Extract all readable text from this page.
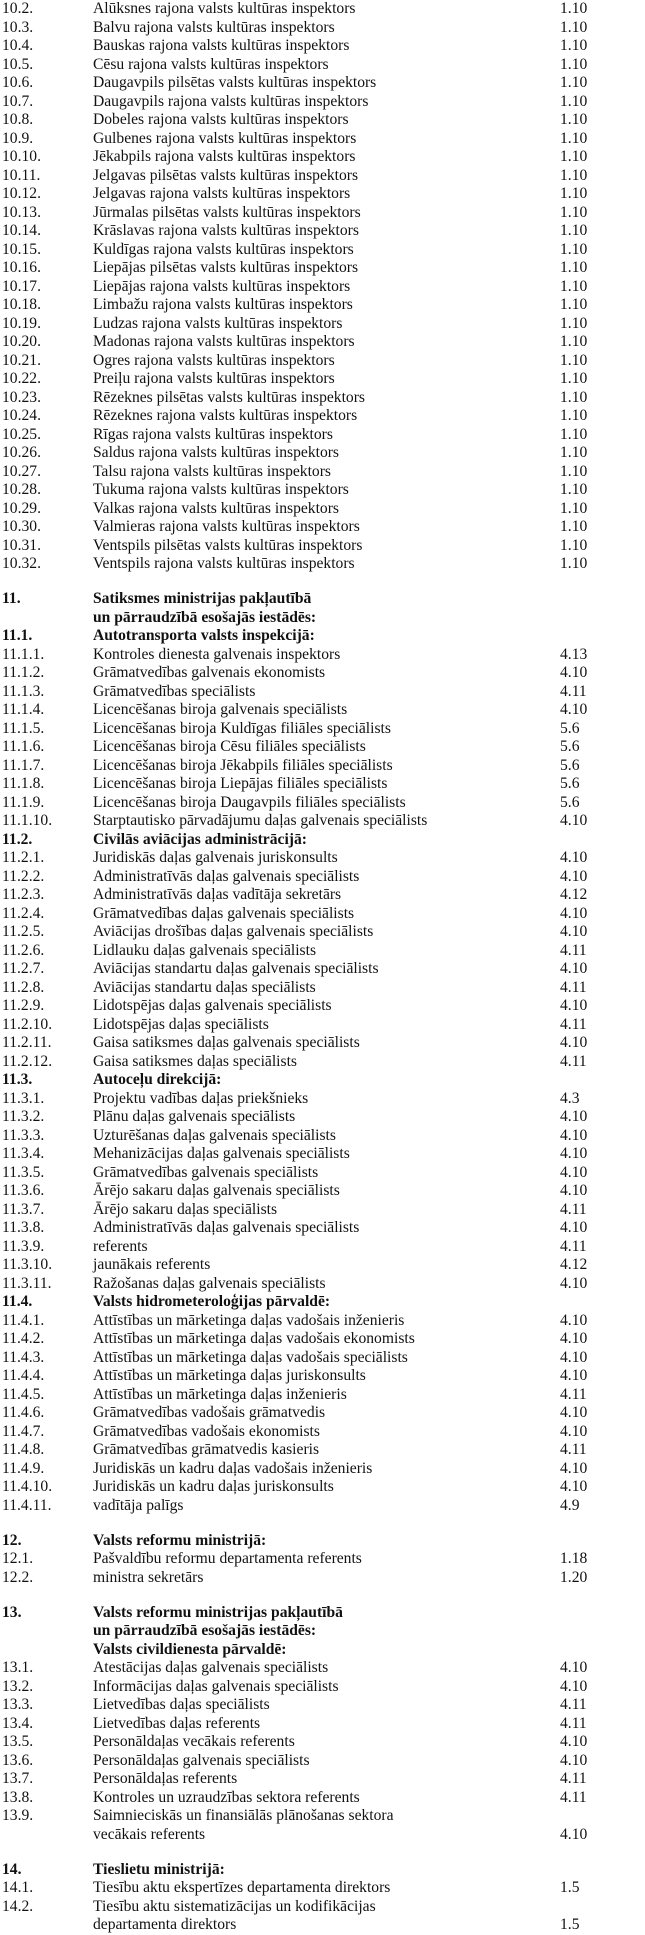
10.2.	Alūksnes rajona valsts kultūras inspektors	1.10
10.3.	Balvu rajona valsts kultūras inspektors	1.10
10.4.	Bauskas rajona valsts kultūras inspektors	1.10
10.5.	Cēsu rajona valsts kultūras inspektors	1.10
10.6.	Daugavpils pilsētas valsts kultūras inspektors	1.10
10.7.	Daugavpils rajona valsts kultūras inspektors	1.10
10.8.	Dobeles rajona valsts kultūras inspektors	1.10
10.9.	Gulbenes rajona valsts kultūras inspektors	1.10
10.10.	Jēkabpils rajona valsts kultūras inspektors	1.10
10.11.	Jelgavas pilsētas valsts kultūras inspektors	1.10
10.12.	Jelgavas rajona valsts kultūras inspektors	1.10
10.13.	Jūrmalas pilsētas valsts kultūras inspektors	1.10
10.14.	Krāslavas rajona valsts kultūras inspektors	1.10
10.15.	Kuldīgas rajona valsts kultūras inspektors	1.10
10.16.	Liepājas pilsētas valsts kultūras inspektors	1.10
10.17.	Liepājas rajona valsts kultūras inspektors	1.10
10.18.	Limbažu rajona valsts kultūras inspektors	1.10
10.19.	Ludzas rajona valsts kultūras inspektors	1.10
10.20.	Madonas rajona valsts kultūras inspektors	1.10
10.21.	Ogres rajona valsts kultūras inspektors	1.10
10.22.	Preiļu rajona valsts kultūras inspektors	1.10
10.23.	Rēzeknes pilsētas valsts kultūras inspektors	1.10
10.24.	Rēzeknes rajona valsts kultūras inspektors	1.10
10.25.	Rīgas rajona valsts kultūras inspektors	1.10
10.26.	Saldus rajona valsts kultūras inspektors	1.10
10.27.	Talsu rajona valsts kultūras inspektors	1.10
10.28.	Tukuma rajona valsts kultūras inspektors	1.10
10.29.	Valkas rajona valsts kultūras inspektors	1.10
10.30.	Valmieras rajona valsts kultūras inspektors	1.10
10.31.	Ventspils pilsētas valsts kultūras inspektors	1.10
10.32.	Ventspils rajona valsts kultūras inspektors	1.10
11.	Satiksmes ministrijas pakļautībā
un pārraudzībā esošajās iestādēs:
11.1.	Autotransporta valsts inspekcijā:
11.1.1.	Kontroles dienesta galvenais inspektors	4.13
11.1.2.	Grāmatvedības galvenais ekonomists	4.10
11.1.3.	Grāmatvedības speciālists	4.11
11.1.4.	Licencēšanas biroja galvenais speciālists	4.10
11.1.5.	Licencēšanas biroja Kuldīgas filiāles speciālists	5.6
11.1.6.	Licencēšanas biroja Cēsu filiāles speciālists	5.6
11.1.7.	Licencēšanas biroja Jēkabpils filiāles speciālists	5.6
11.1.8.	Licencēšanas biroja Liepājas filiāles speciālists	5.6
11.1.9.	Licencēšanas biroja Daugavpils filiāles speciālists	5.6
11.1.10.	Starptautisko pārvadājumu daļas galvenais speciālists	4.10
11.2.	Civilās aviācijas administrācijā:
11.2.1.	Juridiskās daļas galvenais juriskonsults	4.10
11.2.2.	Administratīvās daļas galvenais speciālists	4.10
11.2.3.	Administratīvās daļas vadītāja sekretārs	4.12
11.2.4.	Grāmatvedības daļas galvenais speciālists	4.10
11.2.5.	Aviācijas drošības daļas galvenais speciālists	4.10
11.2.6.	Lidlauku daļas galvenais speciālists	4.11
11.2.7.	Aviācijas standartu daļas galvenais speciālists	4.10
11.2.8.	Aviācijas standartu daļas speciālists	4.11
11.2.9.	Lidotspējas daļas galvenais speciālists	4.10
11.2.10.	Lidotspējas daļas speciālists	4.11
11.2.11.	Gaisa satiksmes daļas galvenais speciālists	4.10
11.2.12.	Gaisa satiksmes daļas speciālists	4.11
11.3.	Autoceļu direkcijā:
11.3.1.	Projektu vadības daļas priekšnieks	4.3
11.3.2.	Plānu daļas galvenais speciālists	4.10
11.3.3.	Uzturēšanas daļas galvenais speciālists	4.10
11.3.4.	Mehanizācijas daļas galvenais speciālists	4.10
11.3.5.	Grāmatvedības galvenais speciālists	4.10
11.3.6.	Ārējo sakaru daļas galvenais speciālists	4.10
11.3.7.	Ārējo sakaru daļas speciālists	4.11
11.3.8.	Administratīvās daļas galvenais speciālists	4.10
11.3.9.	referents	4.11
11.3.10.	jaunākais referents	4.12
11.3.11.	Ražošanas daļas galvenais speciālists	4.10
11.4.	Valsts hidrometeroloģijas pārvaldē:
11.4.1.	Attīstības un mārketinga daļas vadošais inženieris	4.10
11.4.2.	Attīstības un mārketinga daļas vadošais ekonomists	4.10
11.4.3.	Attīstības un mārketinga daļas vadošais speciālists	4.10
11.4.4.	Attīstības un mārketinga daļas juriskonsults	4.10
11.4.5.	Attīstības un mārketinga daļas inženieris	4.11
11.4.6.	Grāmatvedības vadošais grāmatvedis	4.10
11.4.7.	Grāmatvedības vadošais ekonomists	4.10
11.4.8.	Grāmatvedības grāmatvedis kasieris	4.11
11.4.9.	Juridiskās un kadru daļas vadošais inženieris	4.10
11.4.10.	Juridiskās un kadru daļas juriskonsults	4.10
11.4.11.	vadītāja palīgs	4.9
12.	Valsts reformu ministrijā:
12.1.	Pašvaldību reformu departamenta referents	1.18
12.2.	ministra sekretārs	1.20
13.	Valsts reformu ministrijas pakļautībā
un pārraudzībā esošajās iestādēs:
Valsts civildienesta pārvaldē:
13.1.	Atestācijas daļas galvenais speciālists	4.10
13.2.	Informācijas daļas galvenais speciālists	4.10
13.3.	Lietvedības daļas speciālists	4.11
13.4.	Lietvedības daļas referents	4.11
13.5.	Personāldaļas vecākais referents	4.10
13.6.	Personāldaļas galvenais speciālists	4.10
13.7.	Personāldaļas referents	4.11
13.8.	Kontroles un uzraudzības sektora referents	4.11
13.9.	Saimnieciskās un finansiālās plānošanas sektora
vecākais referents	4.10
14.	Tieslietu ministrijā:
14.1.	Tiesību aktu ekspertīzes departamenta direktors	1.5
14.2.	Tiesību aktu sistematizācijas un kodifikācijas
departamenta direktors	1.5
